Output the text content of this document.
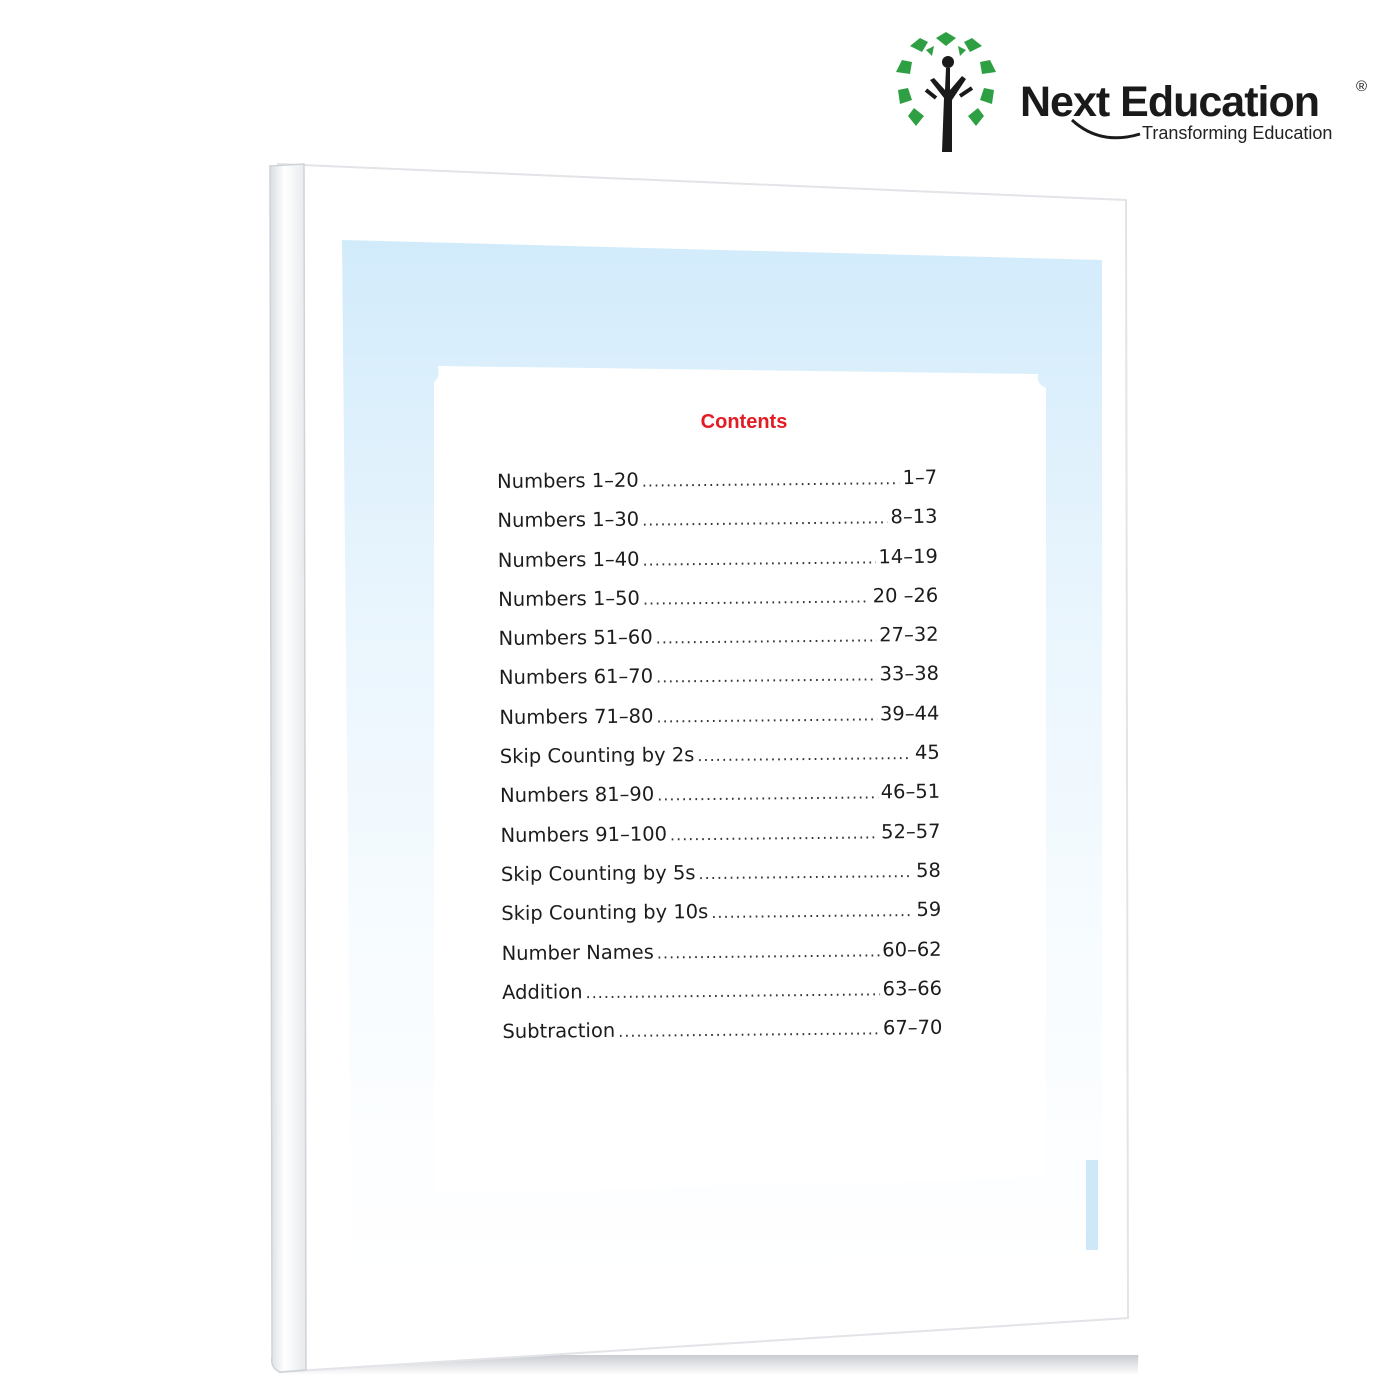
Next Education ®
Transforming Education
Contents
Numbers 1–20 .....	1–7
Numbers 1–30 .....	8–13
Numbers 1–40 .....	14–19
Numbers 1–50 .....	20 –26
Numbers 51–60 .....	27–32
Numbers 61–70 .....	33–38
Numbers 71–80 .....	39–44
Skip Counting by 2s .....	45
Numbers 81–90 .....	46–51
Numbers 91–100 .....	52–57
Skip Counting by 5s .....	58
Skip Counting by 10s .....	59
Number Names .....	60–62
Addition .....	63–66
Subtraction .....	67–70
